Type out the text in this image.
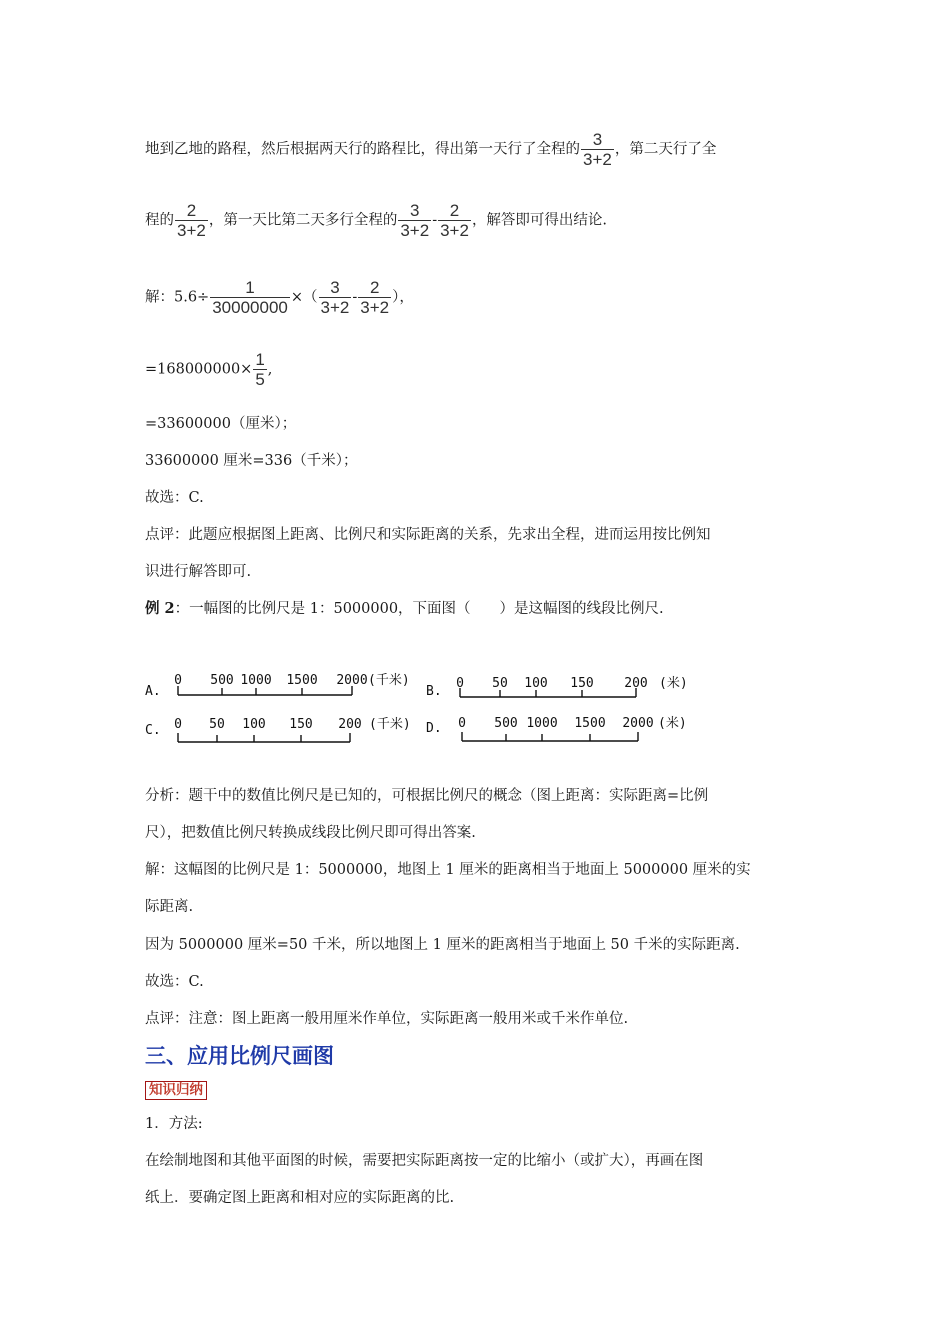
地到乙地的路程，然后根据两天行的路程比，得出第一天行了全程的 $\frac{3}{3+2}$ ，第二天行了全
程的 $\frac{2}{3+2}$ ，第一天比第二天多行全程的 $\frac{3}{3+2} - \frac{2}{3+2}$ ，解答即可得出结论.
解：$5.6\div \frac{1}{30000000}$ ×（ $\frac{3}{3+2} - \frac{2}{3+2}$ ），
$=168000000\times \frac{1}{5}$ ,
=33600000（厘米）；
33600000 厘米=336（千米）；
故选：C.
点评：此题应根据图上距离、比例尺和实际距离的关系，先求出全程，进而运用按比例知
识进行解答即可.
例 2：一幅图的比例尺是 1：5000000，下面图（　　）是这幅图的线段比例尺.
A.
0 500 1000 1500 2000 (千米)
B.
0 50 100 150 200 (米)
C. 0 50 100 150 200 (千米) D. 0 500 1000 1500 2000 (米)
分析：题干中的数值比例尺是已知的，可根据比例尺的概念（图上距离：实际距离=比例
尺），把数值比例尺转换成线段比例尺即可得出答案.
解：这幅图的比例尺是 1：5000000，地图上 1 厘米的距离相当于地面上 5000000 厘米的实
际距离.
因为 5000000 厘米=50 千米，所以地图上 1 厘米的距离相当于地面上 50 千米的实际距离.
故选：C.
点评：注意：图上距离一般用厘米作单位，实际距离一般用米或千米作单位.
三、应用比例尺画图
知识归纳
1．方法:
在绘制地图和其他平面图的时候，需要把实际距离按一定的比缩小（或扩大），再画在图
纸上．要确定图上距离和相对应的实际距离的比.
